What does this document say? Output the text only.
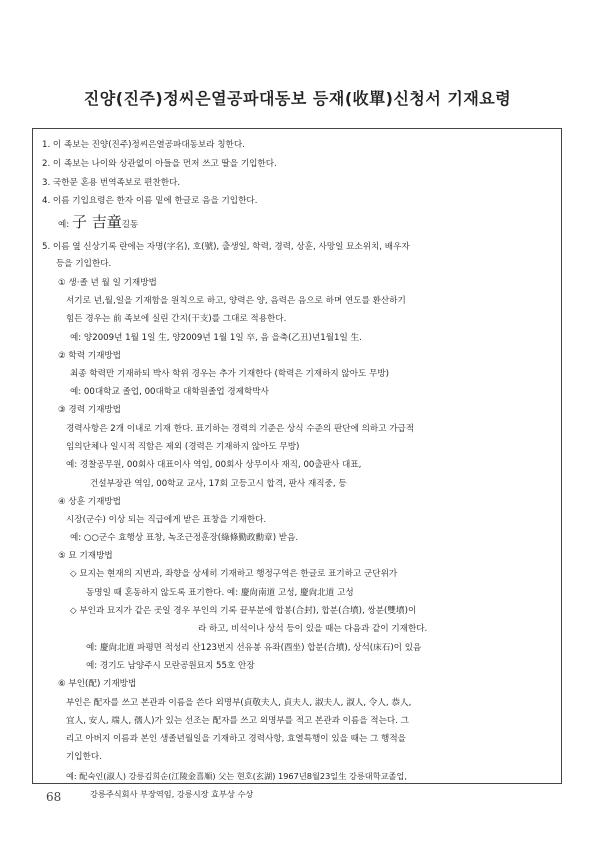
진양(진주)정씨은열공파대동보 등재(收單)신청서 기재요령
1. 이 족보는 진양(진주)정씨은열공파대동보라 칭한다.
2. 이 족보는 나이와 상관없이 아들을 먼저 쓰고 딸을 기입한다.
3. 국한문 혼용 번역족보로 편찬한다.
4. 이름 기입요령은 한자 이름 밑에 한글로 음을 기입한다.
예: 子 吉童길동
5. 이름 옆 신상기록 란에는 자명(字名), 호(號), 출생일, 학력, 경력, 상훈, 사망일 묘소위치, 배우자
등을 기입한다.
① 생·졸 년 월 일 기재방법
서기로 년,월,일을 기재함을 원칙으로 하고, 양력은 양, 음력은 음으로 하며 연도를 환산하기
힘든 경우는 前 족보에 실린 간지(干支)를 그대로 적용한다.
예: 양2009년 1월 1일 生, 양2009년 1월 1일 卒, 음 을축(乙丑)년1월1일 生.
② 학력 기재방법
최종 학력만 기재하되 박사 학위 경우는 추가 기재한다 (학력은 기재하지 않아도 무방)
예: 00대학교 졸업, 00대학교 대학원졸업 경제학박사
③ 경력 기재방법
경력사항은 2개 이내로 기재 한다. 표기하는 경력의 기준은 상식 수준의 판단에 의하고 가급적
임의단체나 일시적 직함은 제외 (경력은 기재하지 않아도 무방)
예: 경찰공무원, 00회사 대표이사 역임, 00회사 상무이사 재직, 00출판사 대표,
건설부장관 역임, 00학교 교사, 17회 고등고시 합격, 판사 재직중, 등
④ 상훈 기재방법
시장(군수) 이상 되는 직급에게 받은 표창을 기재한다.
예: ○○군수 효행상 표창, 녹조근정훈장(綠條勤政勳章) 받음.
⑤ 묘 기재방법
◇ 묘지는 현재의 지번과, 좌향을 상세히 기재하고 행정구역은 한글로 표기하고 군단위가
동명일 때 혼동하지 않도록 표기한다. 예: 慶尙南道 고성, 慶尙北道 고성
◇ 부인과 묘지가 같은 곳일 경우 부인의 기록 끝부분에 합봉(合封), 합분(合墳), 쌍분(雙墳)이
라 하고, 비석이나 상석 등이 있을 때는 다음과 같이 기재한다.
예: 慶尙北道 파평면 적성리 산123번지 선유봉 유좌(酉坐) 합분(合墳), 상석(床石)이 있음
예: 경기도 남양주시 모란공원묘지 55호 안장
⑥ 부인(配) 기재방법
부인은 配자를 쓰고 본관과 이름을 쓴다 외명부(貞敬夫人, 貞夫人, 淑夫人, 淑人, 令人, 恭人,
宜人, 安人, 端人, 孺人)가 있는 선조는 配자를 쓰고 외명부를 적고 본관과 이름을 적는다. 그
리고 아버지 이름과 본인 생졸년월일을 기재하고 경력사항, 효열특행이 있을 때는 그 행적을
기입한다.
예: 配숙인(淑人) 강릉김희순(江陵金喜順) 父는 현호(玄湖) 1967년8월23일生 강릉대학교졸업,
강릉주식회사 부장역임, 강릉시장 효부상 수상
68
